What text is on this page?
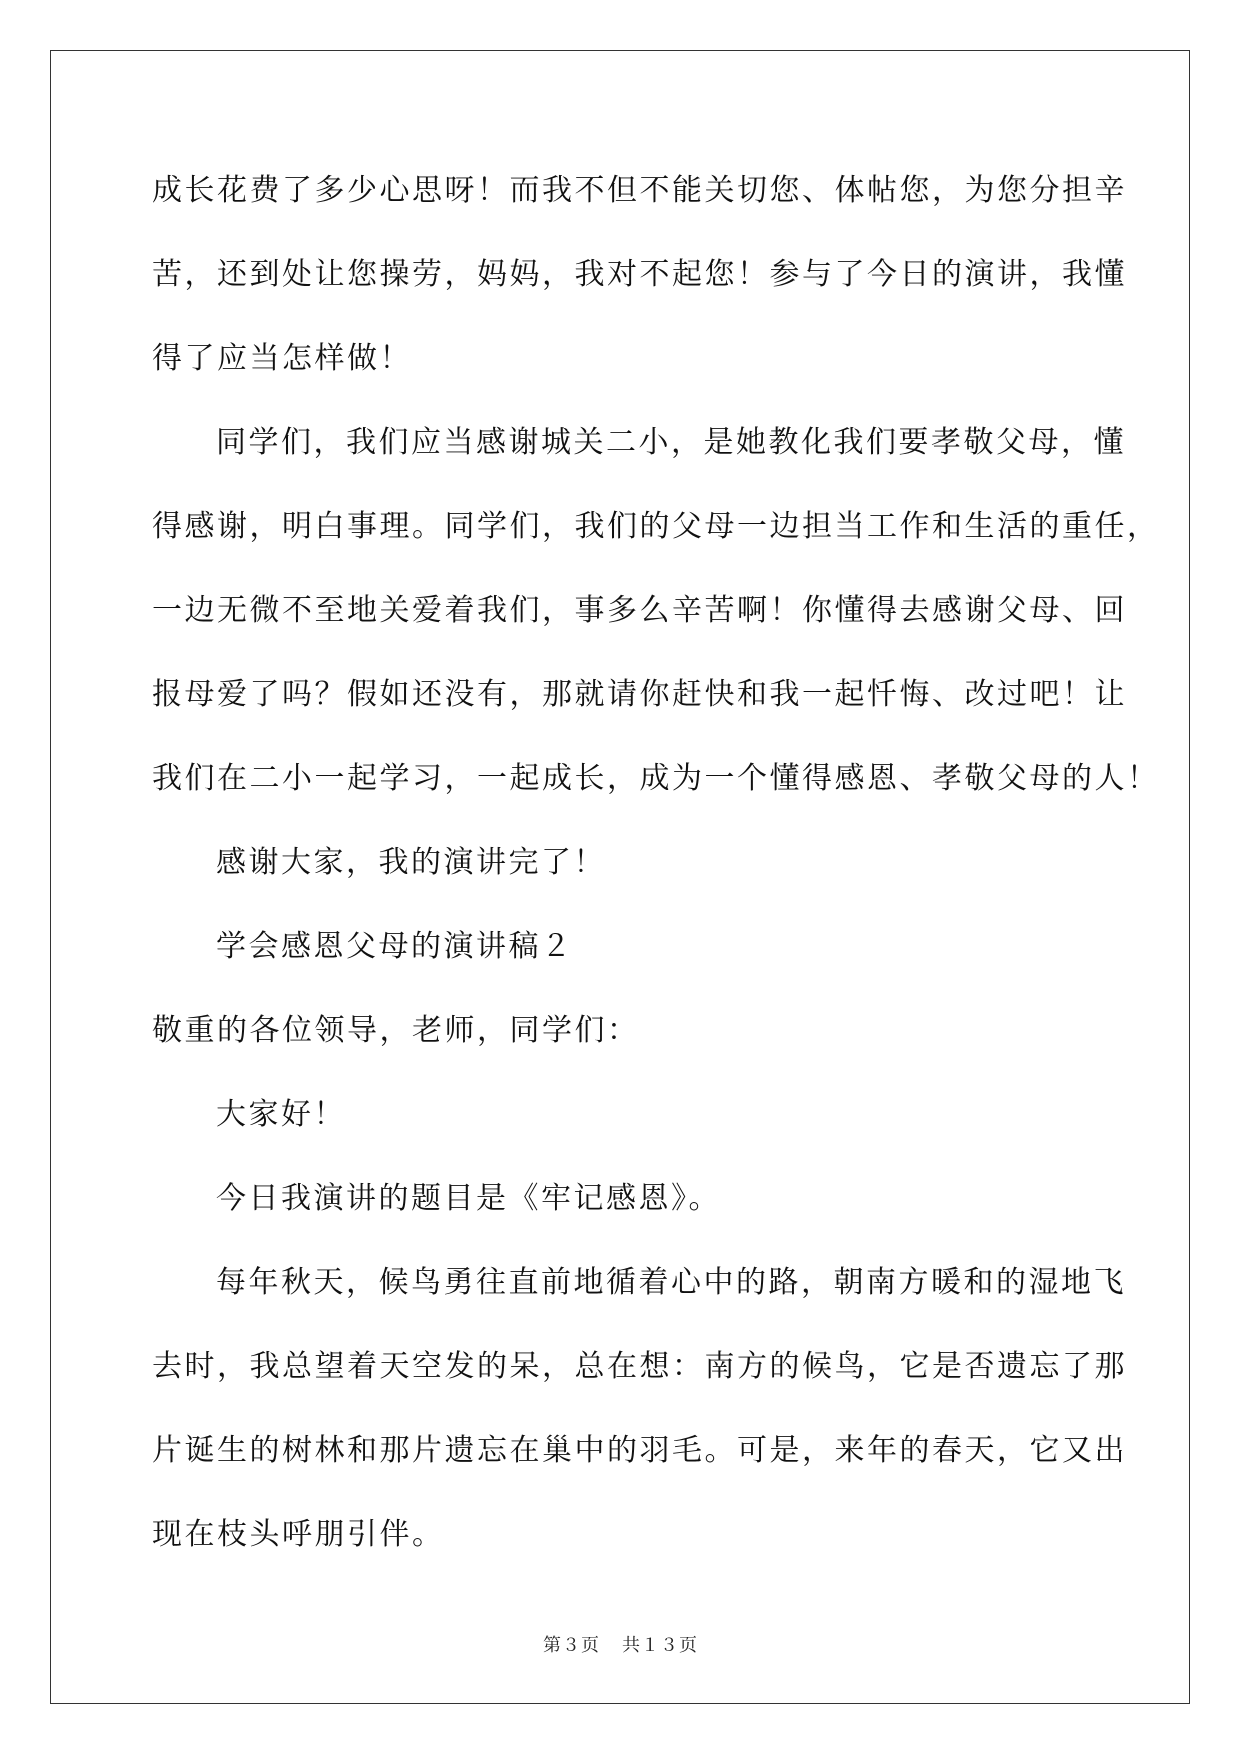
成长花费了多少心思呀！而我不但不能关切您、体帖您，为您分担辛
苦，还到处让您操劳，妈妈，我对不起您！参与了今日的演讲，我懂
得了应当怎样做！
同学们，我们应当感谢城关二小，是她教化我们要孝敬父母，懂
得感谢，明白事理。同学们，我们的父母一边担当工作和生活的重任，
一边无微不至地关爱着我们，事多么辛苦啊！你懂得去感谢父母、回
报母爱了吗？假如还没有，那就请你赶快和我一起忏悔、改过吧！让
我们在二小一起学习，一起成长，成为一个懂得感恩、孝敬父母的人！
感谢大家，我的演讲完了！
学会感恩父母的演讲稿２
敬重的各位领导，老师，同学们：
大家好！
今日我演讲的题目是《牢记感恩》。
每年秋天，候鸟勇往直前地循着心中的路，朝南方暖和的湿地飞
去时，我总望着天空发的呆，总在想：南方的候鸟，它是否遗忘了那
片诞生的树林和那片遗忘在巢中的羽毛。可是，来年的春天，它又出
现在枝头呼朋引伴。
第３页 共１３页
